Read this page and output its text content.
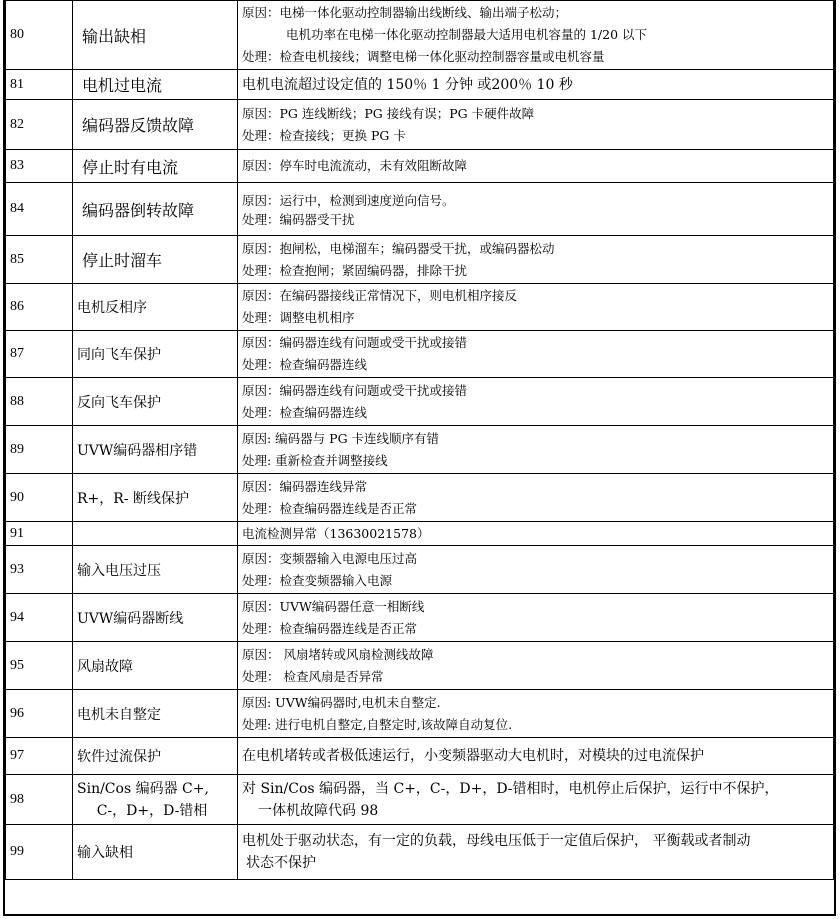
80	输出缺相	原因：电梯一体化驱动控制器输出线断线、输出端子松动；
电机功率在电梯一体化驱动控制器最大适用电机容量的 1/20 以下
处理：检查电机接线；调整电梯一体化驱动控制器容量或电机容量

81	电机过电流	电机电流超过设定值的 150％ 1 分钟 或200％ 10 秒

82	编码器反馈故障	原因：PG 连线断线；PG 接线有误；PG 卡硬件故障
处理：检查接线；更换 PG 卡

83	停止时有电流	原因：停车时电流流动，未有效阻断故障

84	编码器倒转故障	原因：运行中，检测到速度逆向信号。
处理：编码器受干扰

85	停止时溜车	原因：抱闸松，电梯溜车；编码器受干扰，或编码器松动
处理：检查抱闸；紧固编码器，排除干扰

86	电机反相序	原因：在编码器接线正常情况下，则电机相序接反
处理：调整电机相序

87	同向飞车保护	原因：编码器连线有问题或受干扰或接错
处理：检查编码器连线

88	反向飞车保护	原因：编码器连线有问题或受干扰或接错
处理：检查编码器连线

89	UVW编码器相序错	原因: 编码器与 PG 卡连线顺序有错
处理: 重新检查并调整接线

90	R+，R- 断线保护	原因：编码器连线异常
处理：检查编码器连线是否正常

91		电流检测异常（13630021578）

93	输入电压过压	原因：变频器输入电源电压过高
处理：检查变频器输入电源

94	UVW编码器断线	原因：UVW编码器任意一相断线
处理：检查编码器连线是否正常

95	风扇故障	原因： 风扇堵转或风扇检测线故障
处理： 检查风扇是否异常

96	电机未自整定	原因: UVW编码器时,电机未自整定.
处理: 进行电机自整定,自整定时,该故障自动复位.

97	软件过流保护	在电机堵转或者极低速运行，小变频器驱动大电机时，对模块的过电流保护

98	Sin/Cos 编码器 C+,
C-，D+，D-错相	对 Sin/Cos 编码器，当 C+，C-，D+，D-错相时，电机停止后保护，运行中不保护，
一体机故障代码 98

99	输入缺相	电机处于驱动状态，有一定的负载，母线电压低于一定值后保护， 平衡载或者制动
状态不保护
